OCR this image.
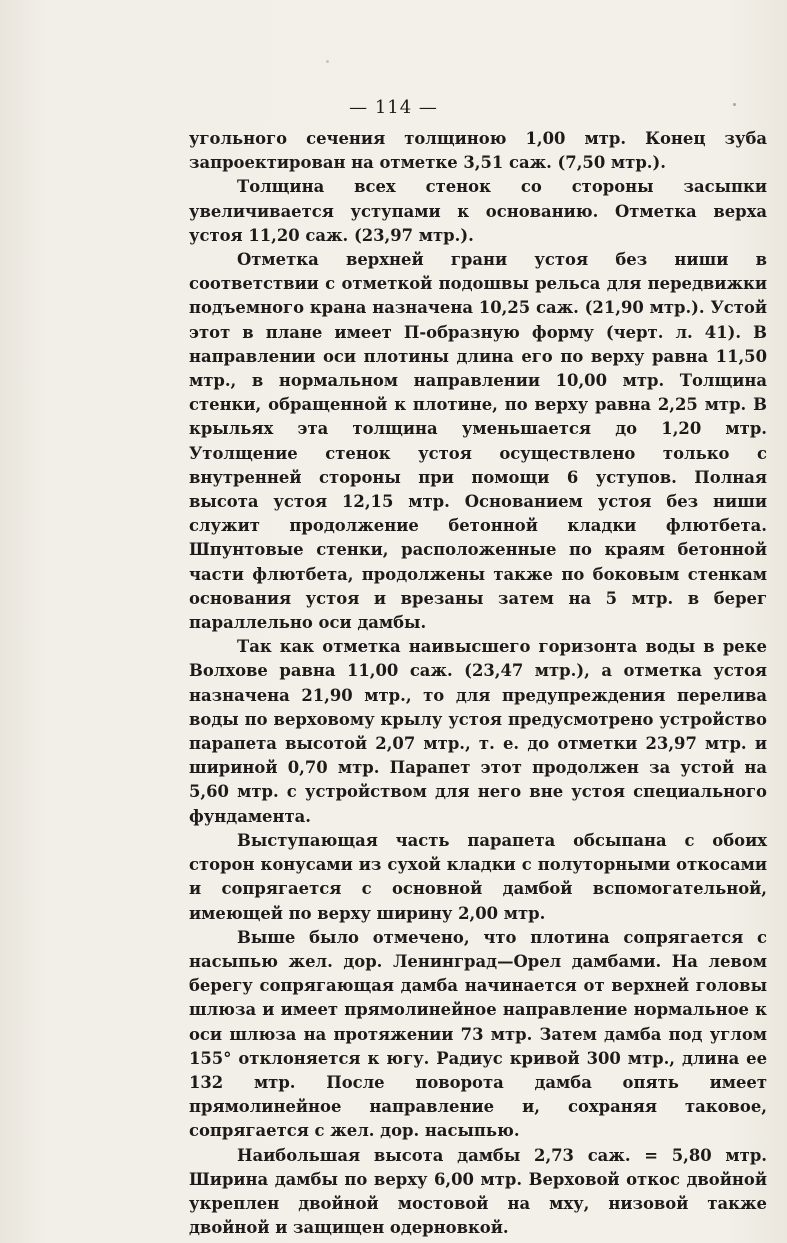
— 114 —

угольного сечения толщиною 1,00 мтр. Конец зуба запроектирован на отметке 3,51 саж. (7,50 мтр.).

Толщина всех стенок со стороны засыпки увеличивается уступами к основанию. Отметка верха устоя 11,20 саж. (23,97 мтр.).

Отметка верхней грани устоя без ниши в соответствии с отметкой подошвы рельса для передвижки подъемного крана назначена 10,25 саж. (21,90 мтр.). Устой этот в плане имеет П-образную форму (черт. л. 41). В направлении оси плотины длина его по верху равна 11,50 мтр., в нормальном направлении 10,00 мтр. Толщина стенки, обращенной к плотине, по верху равна 2,25 мтр. В крыльях эта толщина уменьшается до 1,20 мтр. Утолщение стенок устоя осуществлено только с внутренней стороны при помощи 6 уступов. Полная высота устоя 12,15 мтр. Основанием устоя без ниши служит продолжение бетонной кладки флютбета. Шпунтовые стенки, расположенные по краям бетонной части флютбета, продолжены также по боковым стенкам основания устоя и врезаны затем на 5 мтр. в берег параллельно оси дамбы.

Так как отметка наивысшего горизонта воды в реке Волхове равна 11,00 саж. (23,47 мтр.), а отметка устоя назначена 21,90 мтр., то для предупреждения перелива воды по верховому крылу устоя предусмотрено устройство парапета высотой 2,07 мтр., т. е. до отметки 23,97 мтр. и шириной 0,70 мтр. Парапет этот продолжен за устой на 5,60 мтр. с устройством для него вне устоя специального фундамента.

Выступающая часть парапета обсыпана с обоих сторон конусами из сухой кладки с полуторными откосами и сопрягается с основной дамбой вспомогательной, имеющей по верху ширину 2,00 мтр.

Выше было отмечено, что плотина сопрягается с насыпью жел. дор. Ленинград—Орел дамбами. На левом берегу сопрягающая дамба начинается от верхней головы шлюза и имеет прямолинейное направление нормальное к оси шлюза на протяжении 73 мтр. Затем дамба под углом 155° отклоняется к югу. Радиус кривой 300 мтр., длина ее 132 мтр. После поворота дамба опять имеет прямолинейное направление и, сохраняя таковое, сопрягается с жел. дор. насыпью.

Наибольшая высота дамбы 2,73 саж. = 5,80 мтр. Ширина дамбы по верху 6,00 мтр. Верховой откос двойной укреплен двойной мостовой на мху, низовой также двойной и защищен одерновкой.
